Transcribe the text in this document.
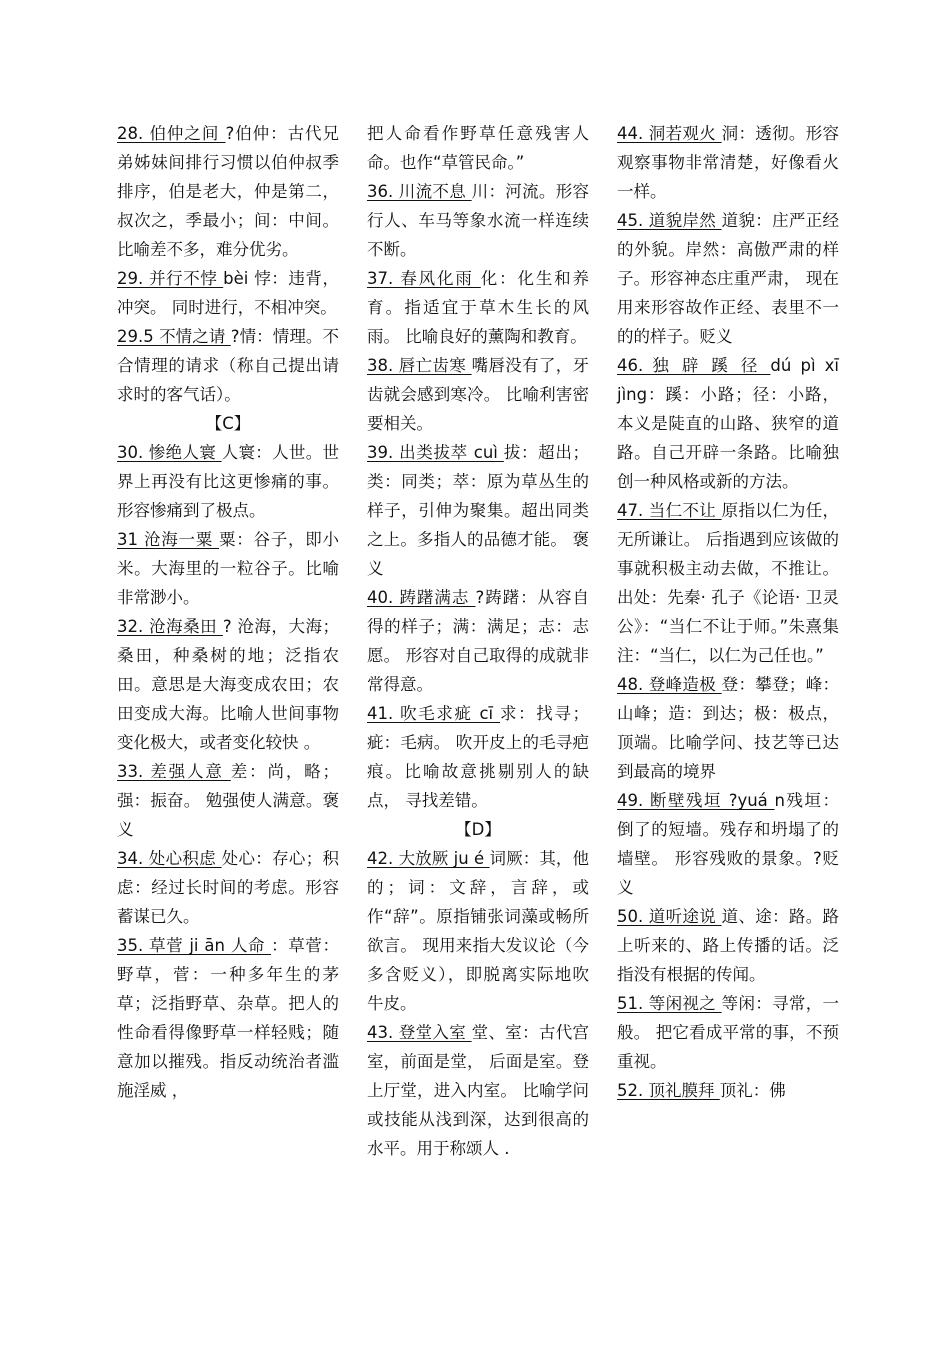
28. 伯仲之间 ?伯仲：古代兄弟姊妹间排行习惯以伯仲叔季排序，伯是老大，仲是第二，叔次之，季最小；间：中间。 比喻差不多，难分优劣。

29. 并行不悖 bèi 悖：违背，冲突。 同时进行，不相冲突。

29.5 不情之请 ?情：情理。不合情理的请求（称自己提出请求时的客气话）。

【C】

30. 惨绝人寰 人寰：人世。世界上再没有比这更惨痛的事。 形容惨痛到了极点。

31 沧海一粟 粟：谷子，即小米。大海里的一粒谷子。比喻非常渺小。

32. 沧海桑田 ? 沧海，大海；桑田，种桑树的地；泛指农田。意思是大海变成农田；农田变成大海。比喻人世间事物变化极大，或者变化较快 。

33. 差强人意 差：尚，略；强：振奋。 勉强使人满意。褒义

34. 处心积虑 处心：存心；积虑：经过长时间的考虑。形容蓄谋已久。

35. 草菅 ji ān 人命 ：草菅：野草，菅：一种多年生的茅草；泛指野草、杂草。把人的性命看得像野草一样轻贱；随意加以摧残。指反动统治者滥施淫威 ，

把人命看作野草任意残害人命。也作“草管民命。”

36. 川流不息 川：河流。形容行人、车马等象水流一样连续不断。

37. 春风化雨 化：化生和养育。指适宜于草木生长的风雨。 比喻良好的薰陶和教育。

38. 唇亡齿寒 嘴唇没有了，牙齿就会感到寒冷。 比喻利害密要相关。

39. 出类拔萃 cuì 拔：超出；类：同类；萃：原为草丛生的样子，引伸为聚集。超出同类之上。多指人的品德才能。 褒义

40. 踌躇满志 ?踌躇：从容自得的样子；满：满足；志：志愿。 形容对自己取得的成就非常得意。

41. 吹毛求疵 cī 求：找寻；疵：毛病。 吹开皮上的毛寻疤痕。比喻故意挑剔别人的缺点， 寻找差错。

【D】

42. 大放厥 ju é 词厥：其，他的；词：文辞，言辞，或作“辞”。原指铺张词藻或畅所欲言。 现用来指大发议论（今多含贬义），即脱离实际地吹牛皮。

43. 登堂入室 堂、室：古代宫室，前面是堂， 后面是室。登上厅堂，进入内室。 比喻学问或技能从浅到深，达到很高的水平。用于称颂人 .

44. 洞若观火 洞：透彻。形容观察事物非常清楚，好像看火一样。

45. 道貌岸然 道貌：庄严正经的外貌。岸然：高傲严肃的样子。形容神态庄重严肃， 现在用来形容故作正经、表里不一的的样子。贬义

46. 独 辟 蹊 径 dú pì xī jìng：蹊：小路；径：小路，本义是陡直的山路、狭窄的道路。自己开辟一条路。比喻独创一种风格或新的方法。

47. 当仁不让 原指以仁为任，无所谦让。 后指遇到应该做的事就积极主动去做，不推让。出处：先秦· 孔子《论语· 卫灵公》：“当仁不让于师。”朱熹集注：“当仁，以仁为己任也。”

48. 登峰造极 登：攀登；峰：山峰；造：到达；极：极点，顶端。比喻学问、技艺等已达到最高的境界

49. 断壁残垣 ?yuá n残垣：倒了的短墙。残存和坍塌了的墙壁。 形容残败的景象。?贬义

50. 道听途说 道、途：路。路上听来的、路上传播的话。泛指没有根据的传闻。

51. 等闲视之 等闲：寻常，一般。 把它看成平常的事，不预重视。

52. 顶礼膜拜 顶礼：佛
